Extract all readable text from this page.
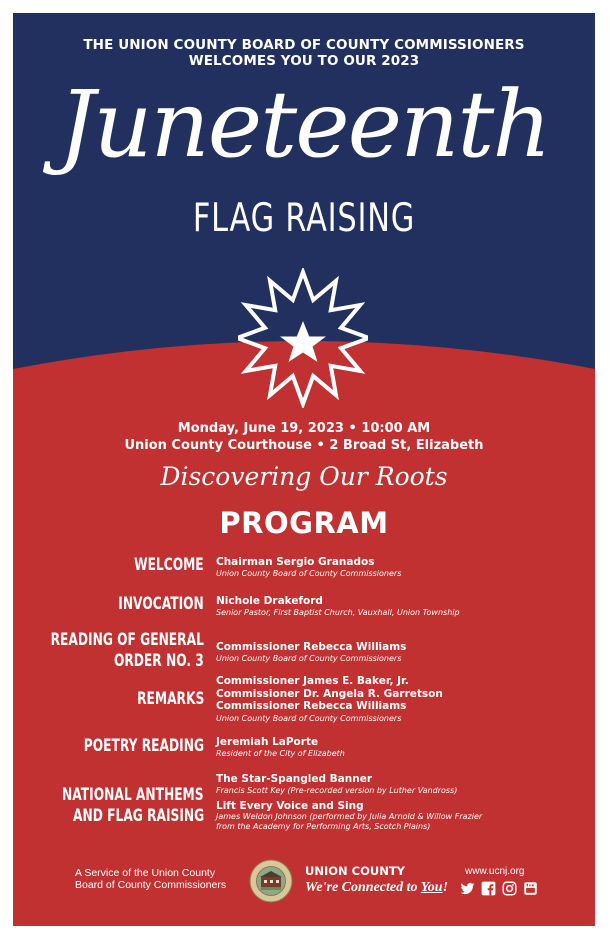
THE UNION COUNTY BOARD OF COUNTY COMMISSIONERS
WELCOMES YOU TO OUR 2023
Juneteenth
FLAG RAISING
Monday, June 19, 2023 • 10:00 AM
Union County Courthouse • 2 Broad St, Elizabeth
Discovering Our Roots
PROGRAM
WELCOME Chairman Sergio Granados
Union County Board of County Commissioners
INVOCATION Nichole Drakeford
Senior Pastor, First Baptist Church, Vauxhall, Union Township
READING OF GENERAL
ORDER NO. 3
Commissioner Rebecca Williams
Union County Board of County Commissioners
REMARKS
Commissioner James E. Baker, Jr.
Commissioner Dr. Angela R. Garretson
Commissioner Rebecca Williams
Union County Board of County Commissioners
POETRY READING Jeremiah LaPorte
Resident of the City of Elizabeth
NATIONAL ANTHEMS
AND FLAG RAISING
The Star-Spangled Banner
Francis Scott Key (Pre-recorded version by Luther Vandross)
Lift Every Voice and Sing
James Weldon Johnson (performed by Julia Arnold & Willow Frazier
from the Academy for Performing Arts, Scotch Plains)
A Service of the Union County
Board of County Commissioners
UNION COUNTY
We're Connected to You!
www.ucnj.org
